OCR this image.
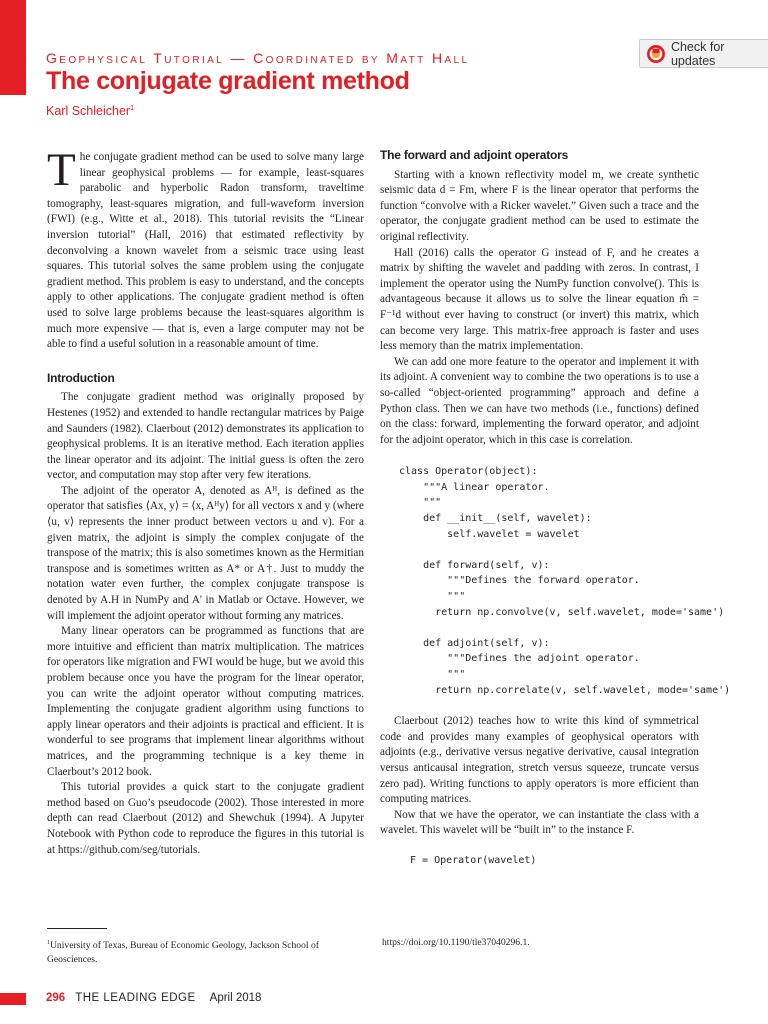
Geophysical Tutorial — Coordinated by Matt Hall
The conjugate gradient method
Karl Schleicher$^1$
Check for updates

The conjugate gradient method can be used to solve many large linear geophysical problems — for example, least-squares parabolic and hyperbolic Radon transform, traveltime tomography, least-squares migration, and full-waveform inversion (FWI) (e.g., Witte et al., 2018). This tutorial revisits the “Linear inversion tutorial” (Hall, 2016) that estimated reflectivity by deconvolving a known wavelet from a seismic trace using least squares. This tutorial solves the same problem using the conjugate gradient method. This problem is easy to understand, and the concepts apply to other applications. The conjugate gradient method is often used to solve large problems because the least-squares algorithm is much more expensive — that is, even a large computer may not be able to find a useful solution in a reasonable amount of time.

Introduction

The conjugate gradient method was originally proposed by Hestenes (1952) and extended to handle rectangular matrices by Paige and Saunders (1982). Claerbout (2012) demonstrates its application to geophysical problems. It is an iterative method. Each iteration applies the linear operator and its adjoint. The initial guess is often the zero vector, and computation may stop after very few iterations.

The adjoint of the operator A, denoted as Aᴴ, is defined as the operator that satisfies ⟨Ax, y⟩ = ⟨x, Aᴴy⟩ for all vectors x and y (where ⟨u, v⟩ represents the inner product between vectors u and v). For a given matrix, the adjoint is simply the complex conjugate of the transpose of the matrix; this is also sometimes known as the Hermitian transpose and is sometimes written as A* or A†. Just to muddy the notation water even further, the complex conjugate transpose is denoted by A.H in NumPy and A' in Matlab or Octave. However, we will implement the adjoint operator without forming any matrices.

Many linear operators can be programmed as functions that are more intuitive and efficient than matrix multiplication. The matrices for operators like migration and FWI would be huge, but we avoid this problem because once you have the program for the linear operator, you can write the adjoint operator without computing matrices. Implementing the conjugate gradient algorithm using functions to apply linear operators and their adjoints is practical and efficient. It is wonderful to see programs that implement linear algorithms without matrices, and the programming technique is a key theme in Claerbout’s 2012 book.

This tutorial provides a quick start to the conjugate gradient method based on Guo’s pseudocode (2002). Those interested in more depth can read Claerbout (2012) and Shewchuk (1994). A Jupyter Notebook with Python code to reproduce the figures in this tutorial is at https://github.com/seg/tutorials.

The forward and adjoint operators

Starting with a known reflectivity model m, we create synthetic seismic data d = Fm, where F is the linear operator that performs the function “convolve with a Ricker wavelet.” Given such a trace and the operator, the conjugate gradient method can be used to estimate the original reflectivity.

Hall (2016) calls the operator G instead of F, and he creates a matrix by shifting the wavelet and padding with zeros. In contrast, I implement the operator using the NumPy function convolve(). This is advantageous because it allows us to solve the linear equation m̂ = F⁻¹d without ever having to construct (or invert) this matrix, which can become very large. This matrix-free approach is faster and uses less memory than the matrix implementation.

We can add one more feature to the operator and implement it with its adjoint. A convenient way to combine the two operations is to use a so-called “object-oriented programming” approach and define a Python class. Then we can have two methods (i.e., functions) defined on the class: forward, implementing the forward operator, and adjoint for the adjoint operator, which in this case is correlation.

class Operator(object):
"""A linear operator.
"""
def __init__(self, wavelet):
self.wavelet = wavelet

def forward(self, v):
"""Defines the forward operator.
"""
return np.convolve(v, self.wavelet, mode='same')

def adjoint(self, v):
"""Defines the adjoint operator.
"""
return np.correlate(v, self.wavelet, mode='same')

Claerbout (2012) teaches how to write this kind of symmetrical code and provides many examples of geophysical operators with adjoints (e.g., derivative versus negative derivative, causal integration versus anticausal integration, stretch versus squeeze, truncate versus zero pad). Writing functions to apply operators is more efficient than computing matrices.

Now that we have the operator, we can instantiate the class with a wavelet. This wavelet will be “built in” to the instance F.

F = Operator(wavelet)
$^1$University of Texas, Bureau of Economic Geology, Jackson School of Geosciences.
https://doi.org/10.1190/tle37040296.1.
296 THE LEADING EDGE April 2018
